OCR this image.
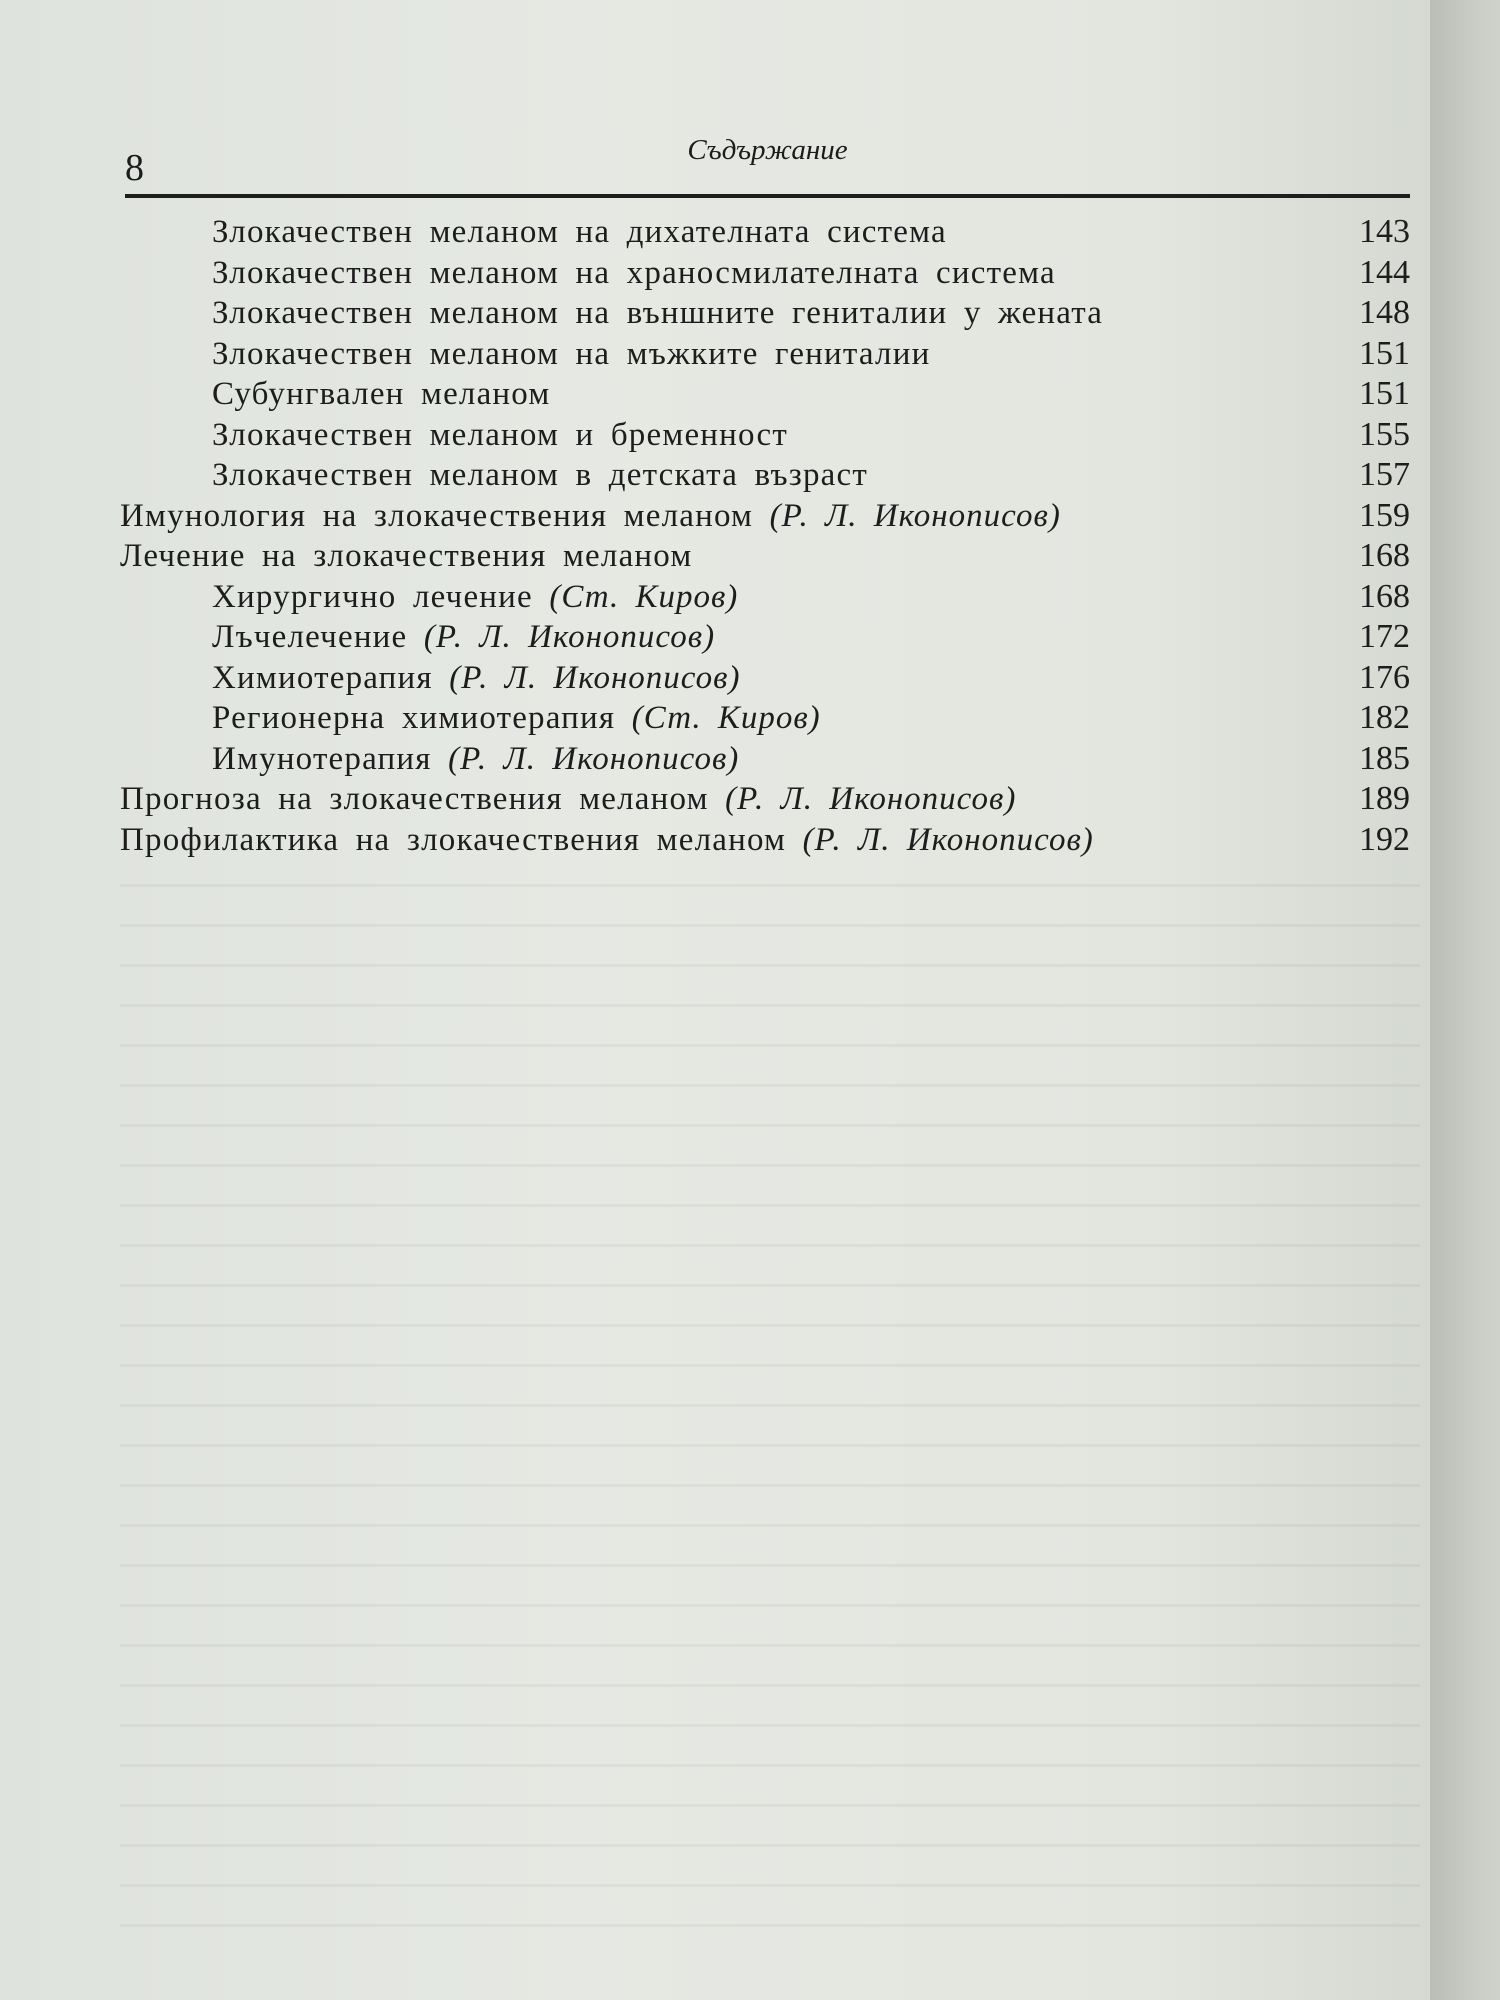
8	Съдържание
Злокачествен меланом на дихателната система	143
Злокачествен меланом на храносмилателната система	144
Злокачествен меланом на външните гениталии у жената	148
Злокачествен меланом на мъжките гениталии	151
Субунгвален меланом	151
Злокачествен меланом и бременност	155
Злокачествен меланом в детската възраст	157
Имунология на злокачествения меланом (Р. Л. Иконописов)	159
Лечение на злокачествения меланом	168
Хирургично лечение (Ст. Киров)	168
Лъчелечение (Р. Л. Иконописов)	172
Химиотерапия (Р. Л. Иконописов)	176
Регионерна химиотерапия (Ст. Киров)	182
Имунотерапия (Р. Л. Иконописов)	185
Прогноза на злокачествения меланом (Р. Л. Иконописов)	189
Профилактика на злокачествения меланом (Р. Л. Иконописов)	192
